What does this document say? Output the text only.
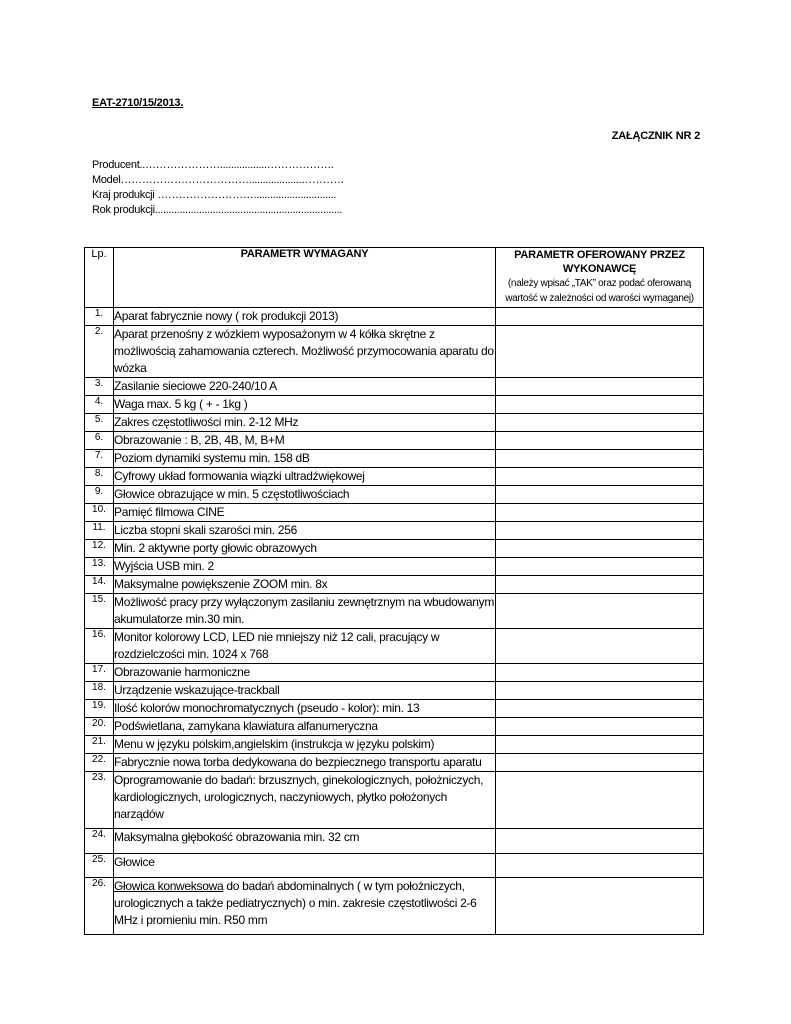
EAT-2710/15/2013.
ZAŁĄCZNIK NR 2
Producent..………………….................……………….
Model………………………………...................…………
Kraj produkcji ………………………..............................
Rok produkcji....................................................................
Lp.	PARAMETR WYMAGANY	PARAMETR OFEROWANY PRZEZ WYKONAWCĘ
(należy wpisać „TAK” oraz podać oferowaną wartość w zależności od warości wymaganej)

1.	Aparat fabrycznie nowy ( rok produkcji 2013)	
2.	Aparat przenośny z wózkiem wyposażonym w 4 kółka skrętne z możliwością zahamowania czterech. Możliwość przymocowania aparatu do wózka	
3.	Zasilanie sieciowe 220-240/10 A	
4.	Waga max. 5 kg ( + - 1kg )	
5.	Zakres częstotliwości min. 2-12 MHz	
6.	Obrazowanie : B, 2B, 4B, M, B+M	
7.	Poziom dynamiki systemu min. 158 dB	
8.	Cyfrowy układ formowania wiązki ultradźwiękowej	
9.	Głowice obrazujące w min. 5 częstotliwościach	
10.	Pamięć filmowa CINE	
11.	Liczba stopni skali szarości min. 256	
12.	Min. 2 aktywne porty głowic obrazowych	
13.	Wyjścia USB min. 2	
14.	Maksymalne powiększenie ZOOM min. 8x	
15.	Możliwość pracy przy wyłączonym zasilaniu zewnętrznym na wbudowanym akumulatorze min.30 min.	
16.	Monitor kolorowy LCD, LED nie mniejszy niż 12 cali, pracujący w rozdzielczości min. 1024 x 768	
17.	Obrazowanie harmoniczne	
18.	Urządzenie wskazujące-trackball	
19.	Ilość kolorów monochromatycznych (pseudo - kolor): min. 13	
20.	Podświetlana, zamykana klawiatura alfanumeryczna	
21.	Menu w języku polskim,angielskim (instrukcja w języku polskim)	
22.	Fabrycznie nowa torba dedykowana do bezpiecznego transportu aparatu	
23.	Oprogramowanie do badań: brzusznych, ginekologicznych, położniczych, kardiologicznych, urologicznych, naczyniowych, płytko położonych narządów	
24.	Maksymalna głębokość obrazowania min. 32 cm	
25.	Głowice	
26.	Głowica konweksowa do badań abdominalnych ( w tym położniczych, urologicznych a także pediatrycznych) o min. zakresie częstotliwości 2-6 MHz i promieniu min. R50 mm	
